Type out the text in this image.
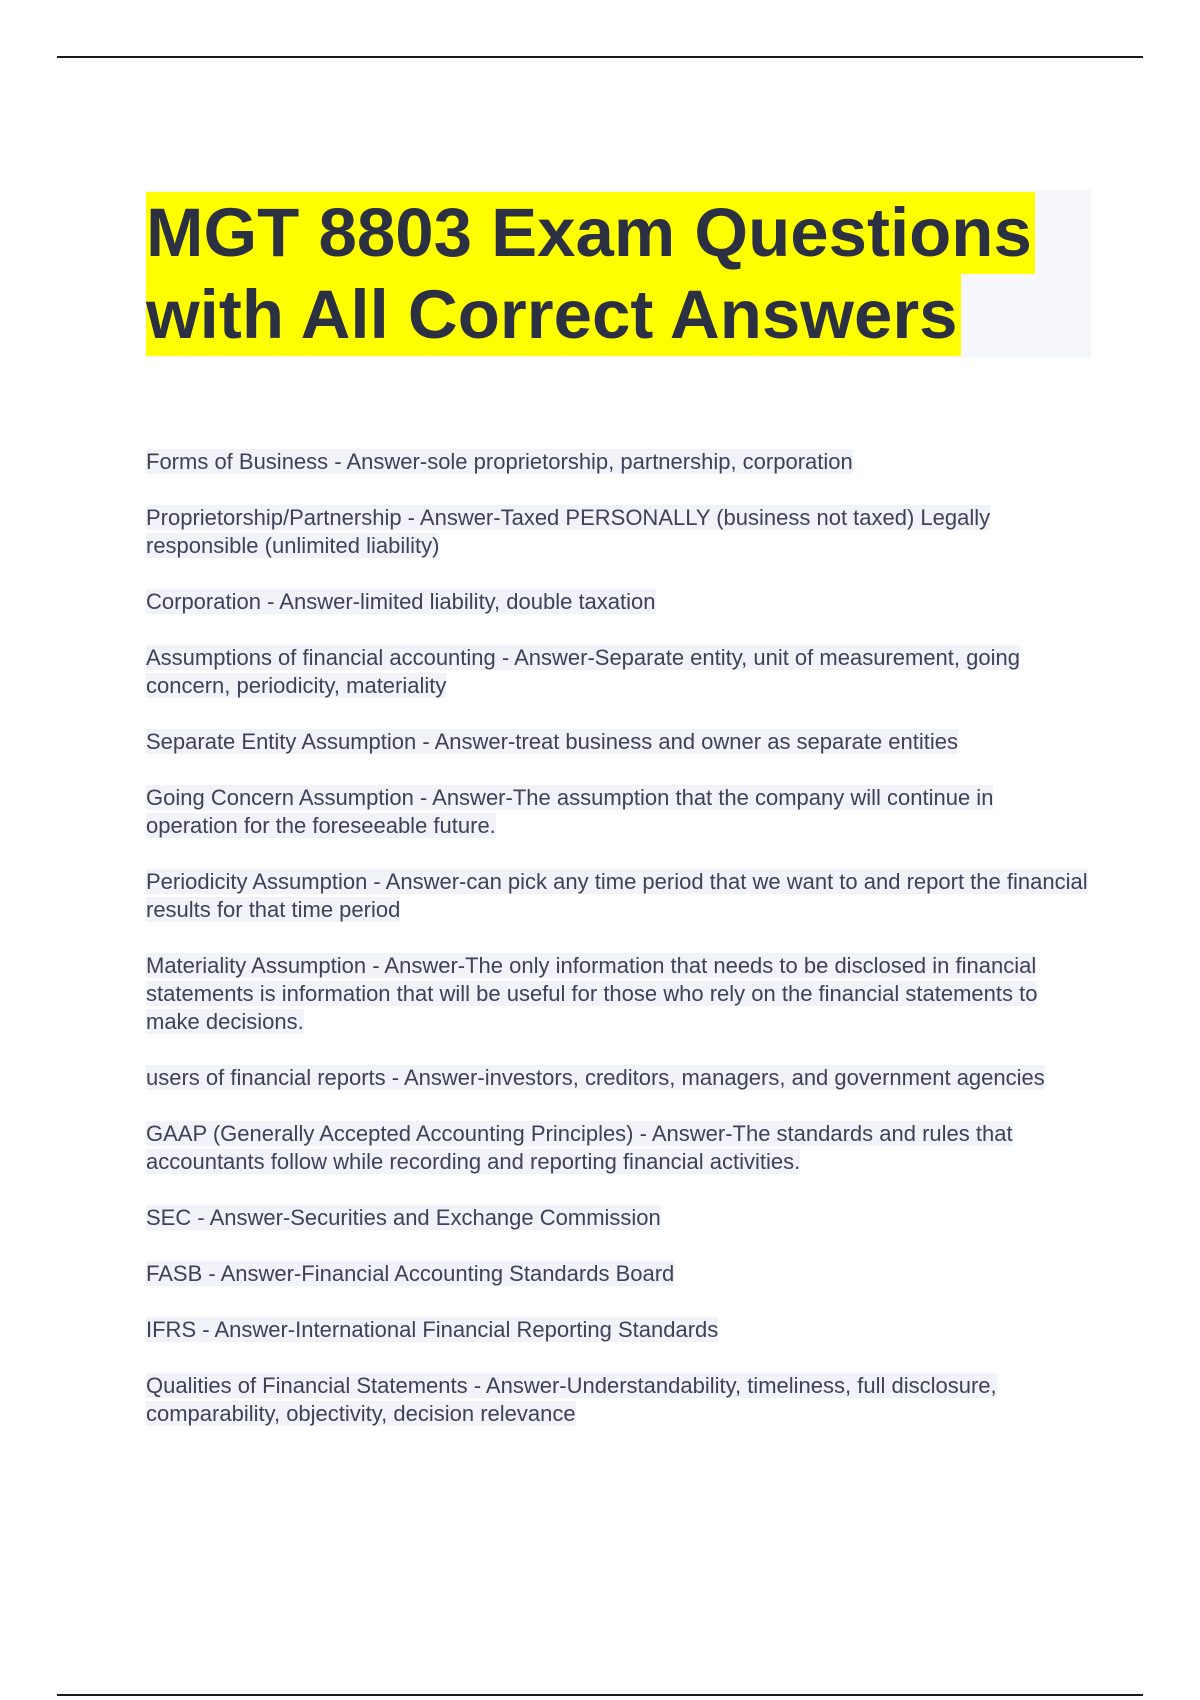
MGT 8803 Exam Questions
with All Correct Answers

Forms of Business - Answer-sole proprietorship, partnership, corporation

Proprietorship/Partnership - Answer-Taxed PERSONALLY (business not taxed) Legally responsible (unlimited liability)

Corporation - Answer-limited liability, double taxation

Assumptions of financial accounting - Answer-Separate entity, unit of measurement, going concern, periodicity, materiality

Separate Entity Assumption - Answer-treat business and owner as separate entities

Going Concern Assumption - Answer-The assumption that the company will continue in operation for the foreseeable future.

Periodicity Assumption - Answer-can pick any time period that we want to and report the financial results for that time period

Materiality Assumption - Answer-The only information that needs to be disclosed in financial statements is information that will be useful for those who rely on the financial statements to make decisions.

users of financial reports - Answer-investors, creditors, managers, and government agencies

GAAP (Generally Accepted Accounting Principles) - Answer-The standards and rules that accountants follow while recording and reporting financial activities.

SEC - Answer-Securities and Exchange Commission

FASB - Answer-Financial Accounting Standards Board

IFRS - Answer-International Financial Reporting Standards

Qualities of Financial Statements - Answer-Understandability, timeliness, full disclosure, comparability, objectivity, decision relevance
